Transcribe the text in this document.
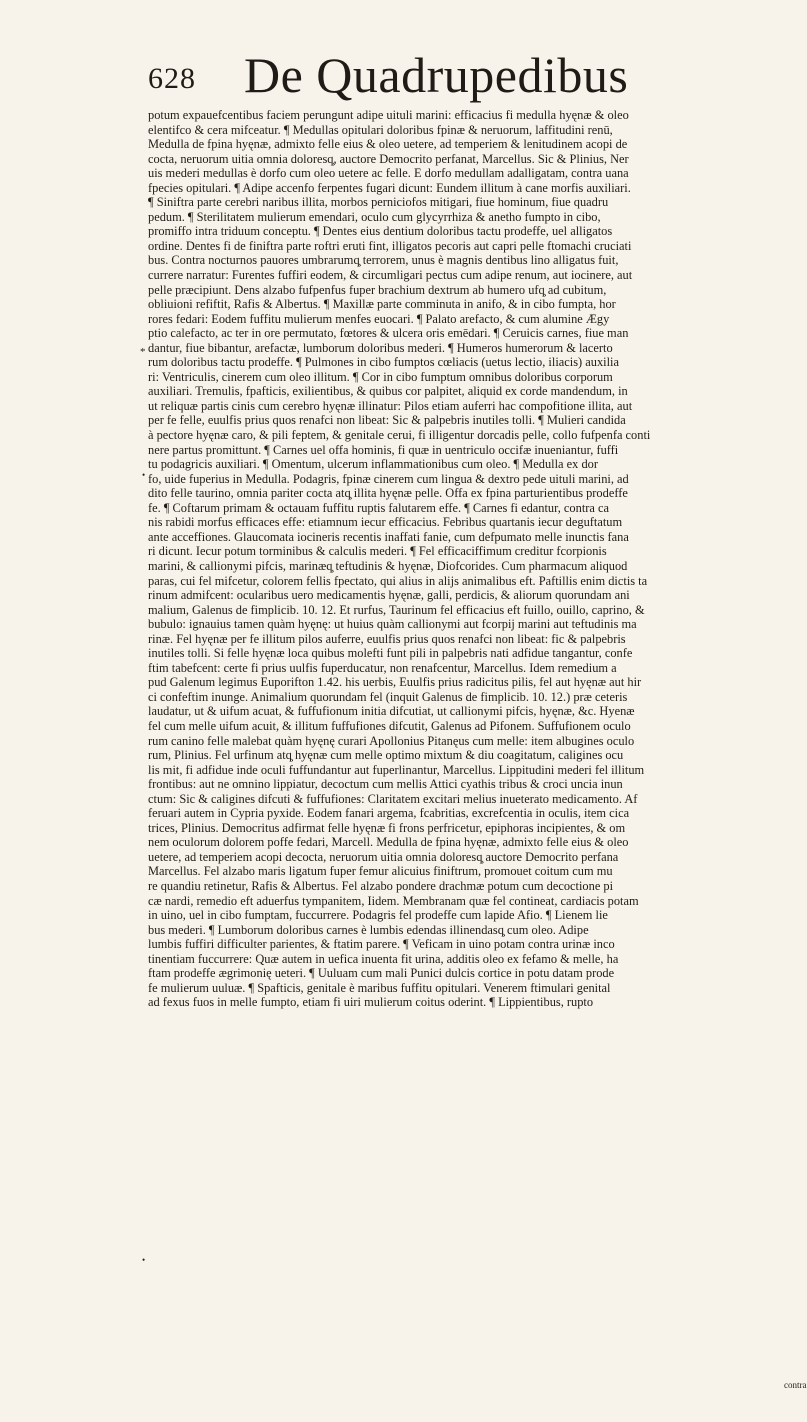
628 De Quadrupedibus
*
•
•
contra
potum expauefcentibus faciem perungunt adipe uituli marini: efficacius fi medulla hyęnæ & oleo
elentifco & cera mifceatur. ¶ Medullas opitulari doloribus fpinæ & neruorum, laffitudini renū,
Medulla de fpina hyęnæ, admixto felle eius & oleo uetere, ad temperiem & lenitudinem acopi de
cocta, neruorum uitia omnia doloresq̧, auctore Democrito perfanat, Marcellus. Sic & Plinius, Ner
uis mederi medullas è dorfo cum oleo uetere ac felle. E dorfo medullam adalligatam, contra uana
fpecies opitulari. ¶ Adipe accenfo ferpentes fugari dicunt: Eundem illitum à cane morfis auxiliari.
¶ Siniftra parte cerebri naribus illita, morbos perniciofos mitigari, fiue hominum, fiue quadru
pedum. ¶ Sterilitatem mulierum emendari, oculo cum glycyrrhiza & anetho fumpto in cibo,
promiffo intra triduum conceptu. ¶ Dentes eius dentium doloribus tactu prodeffe, uel alligatos
ordine. Dentes fi de finiftra parte roftri eruti fint, illigatos pecoris aut capri pelle ftomachi cruciati
bus. Contra nocturnos pauores umbrarumq̧ terrorem, unus è magnis dentibus lino alligatus fuit,
currere narratur: Furentes fuffiri eodem, & circumligari pectus cum adipe renum, aut iocinere, aut
pelle præcipiunt. Dens alzabo fufpenfus fuper brachium dextrum ab humero ufq̧ ad cubitum,
obliuioni refiftit, Rafis & Albertus. ¶ Maxillæ parte comminuta in anifo, & in cibo fumpta, hor
rores fedari: Eodem fuffitu mulierum menfes euocari. ¶ Palato arefacto, & cum alumine Ægy
ptio calefacto, ac ter in ore permutato, fœtores & ulcera oris emēdari. ¶ Ceruicis carnes, fiue man
dantur, fiue bibantur, arefactæ, lumborum doloribus mederi. ¶ Humeros humerorum & lacerto
rum doloribus tactu prodeffe. ¶ Pulmones in cibo fumptos cœliacis (uetus lectio, iliacis) auxilia
ri: Ventriculis, cinerem cum oleo illitum. ¶ Cor in cibo fumptum omnibus doloribus corporum
auxiliari. Tremulis, fpafticis, exilientibus, & quibus cor palpitet, aliquid ex corde mandendum, in
ut reliquæ partis cinis cum cerebro hyęnæ illinatur: Pilos etiam auferri hac compofitione illita, aut
per fe felle, euulfis prius quos renafci non libeat: Sic & palpebris inutiles tolli. ¶ Mulieri candida
à pectore hyęnæ caro, & pili feptem, & genitale cerui, fi illigentur dorcadis pelle, collo fufpenfa conti
nere partus promittunt. ¶ Carnes uel offa hominis, fi quæ in uentriculo occifæ inueniantur, fuffi
tu podagricis auxiliari. ¶ Omentum, ulcerum inflammationibus cum oleo. ¶ Medulla ex dor
fo, uide fuperius in Medulla. Podagris, fpinæ cinerem cum lingua & dextro pede uituli marini, ad
dito felle taurino, omnia pariter cocta atq̧ illita hyęnæ pelle. Offa ex fpina parturientibus prodeffe
fe. ¶ Coftarum primam & octauam fuffitu ruptis falutarem effe. ¶ Carnes fi edantur, contra ca
nis rabidi morfus efficaces effe: etiamnum iecur efficacius. Febribus quartanis iecur deguftatum
ante acceffiones. Glaucomata iocineris recentis inaffati fanie, cum defpumato melle inunctis fana
ri dicunt. Iecur potum torminibus & calculis mederi. ¶ Fel efficaciffimum creditur fcorpionis
marini, & callionymi pifcis, marinæq̧ teftudinis & hyęnæ, Diofcorides. Cum pharmacum aliquod
paras, cui fel mifcetur, colorem fellis fpectato, qui alius in alijs animalibus eft. Paftillis enim dictis ta
rinum admifcent: ocularibus uero medicamentis hyęnæ, galli, perdicis, & aliorum quorundam ani
malium, Galenus de fimplicib. 10. 12. Et rurfus, Taurinum fel efficacius eft fuillo, ouillo, caprino, &
bubulo: ignauius tamen quàm hyęnę: ut huius quàm callionymi aut fcorpij marini aut teftudinis ma
rinæ. Fel hyęnæ per fe illitum pilos auferre, euulfis prius quos renafci non libeat: fic & palpebris
inutiles tolli. Si felle hyęnæ loca quibus molefti funt pili in palpebris nati adfidue tangantur, confe
ftim tabefcent: certe fi prius uulfis fuperducatur, non renafcentur, Marcellus. Idem remedium a
pud Galenum legimus Euporifton 1.42. his uerbis, Euulfis prius radicitus pilis, fel aut hyęnæ aut hir
ci confeftim inunge. Animalium quorundam fel (inquit Galenus de fimplicib. 10. 12.) præ ceteris
laudatur, ut & uifum acuat, & fuffufionum initia difcutiat, ut callionymi pifcis, hyęnæ, &c. Hyenæ
fel cum melle uifum acuit, & illitum fuffufiones difcutit, Galenus ad Pifonem. Suffufionem oculo
rum canino felle malebat quàm hyęnę curari Apollonius Pitanęus cum melle: item albugines oculo
rum, Plinius. Fel urfinum atq̧ hyęnæ cum melle optimo mixtum & diu coagitatum, caligines ocu
lis mit, fi adfidue inde oculi fuffundantur aut fuperlinantur, Marcellus. Lippitudini mederi fel illitum
frontibus: aut ne omnino lippiatur, decoctum cum mellis Attici cyathis tribus & croci uncia inun
ctum: Sic & caligines difcuti & fuffufiones: Claritatem excitari melius inueterato medicamento. Af
feruari autem in Cypria pyxide. Eodem fanari argema, fcabritias, excrefcentia in oculis, item cica
trices, Plinius. Democritus adfirmat felle hyęnæ fi frons perfricetur, epiphoras incipientes, & om
nem oculorum dolorem poffe fedari, Marcell. Medulla de fpina hyęnæ, admixto felle eius & oleo
uetere, ad temperiem acopi decocta, neruorum uitia omnia doloresq̧ auctore Democrito perfana
Marcellus. Fel alzabo maris ligatum fuper femur alicuius finiftrum, promouet coitum cum mu
re quandiu retinetur, Rafis & Albertus. Fel alzabo pondere drachmæ potum cum decoctione pi
cæ nardi, remedio eft aduerfus tympanitem, Iidem. Membranam quæ fel contineat, cardiacis potam
in uino, uel in cibo fumptam, fuccurrere. Podagris fel prodeffe cum lapide Afio. ¶ Lienem lie
bus mederi. ¶ Lumborum doloribus carnes è lumbis edendas illinendasq̧ cum oleo. Adipe
lumbis fuffiri difficulter parientes, & ftatim parere. ¶ Veficam in uino potam contra urinæ inco
tinentiam fuccurrere: Quæ autem in uefica inuenta fit urina, additis oleo ex fefamo & melle, ha
ftam prodeffe ægrimonię ueteri. ¶ Uuluam cum mali Punici dulcis cortice in potu datam prode
fe mulierum uuluæ. ¶ Spafticis, genitale è maribus fuffitu opitulari. Venerem ftimulari genital
ad fexus fuos in melle fumpto, etiam fi uiri mulierum coitus oderint. ¶ Lippientibus, rupto
